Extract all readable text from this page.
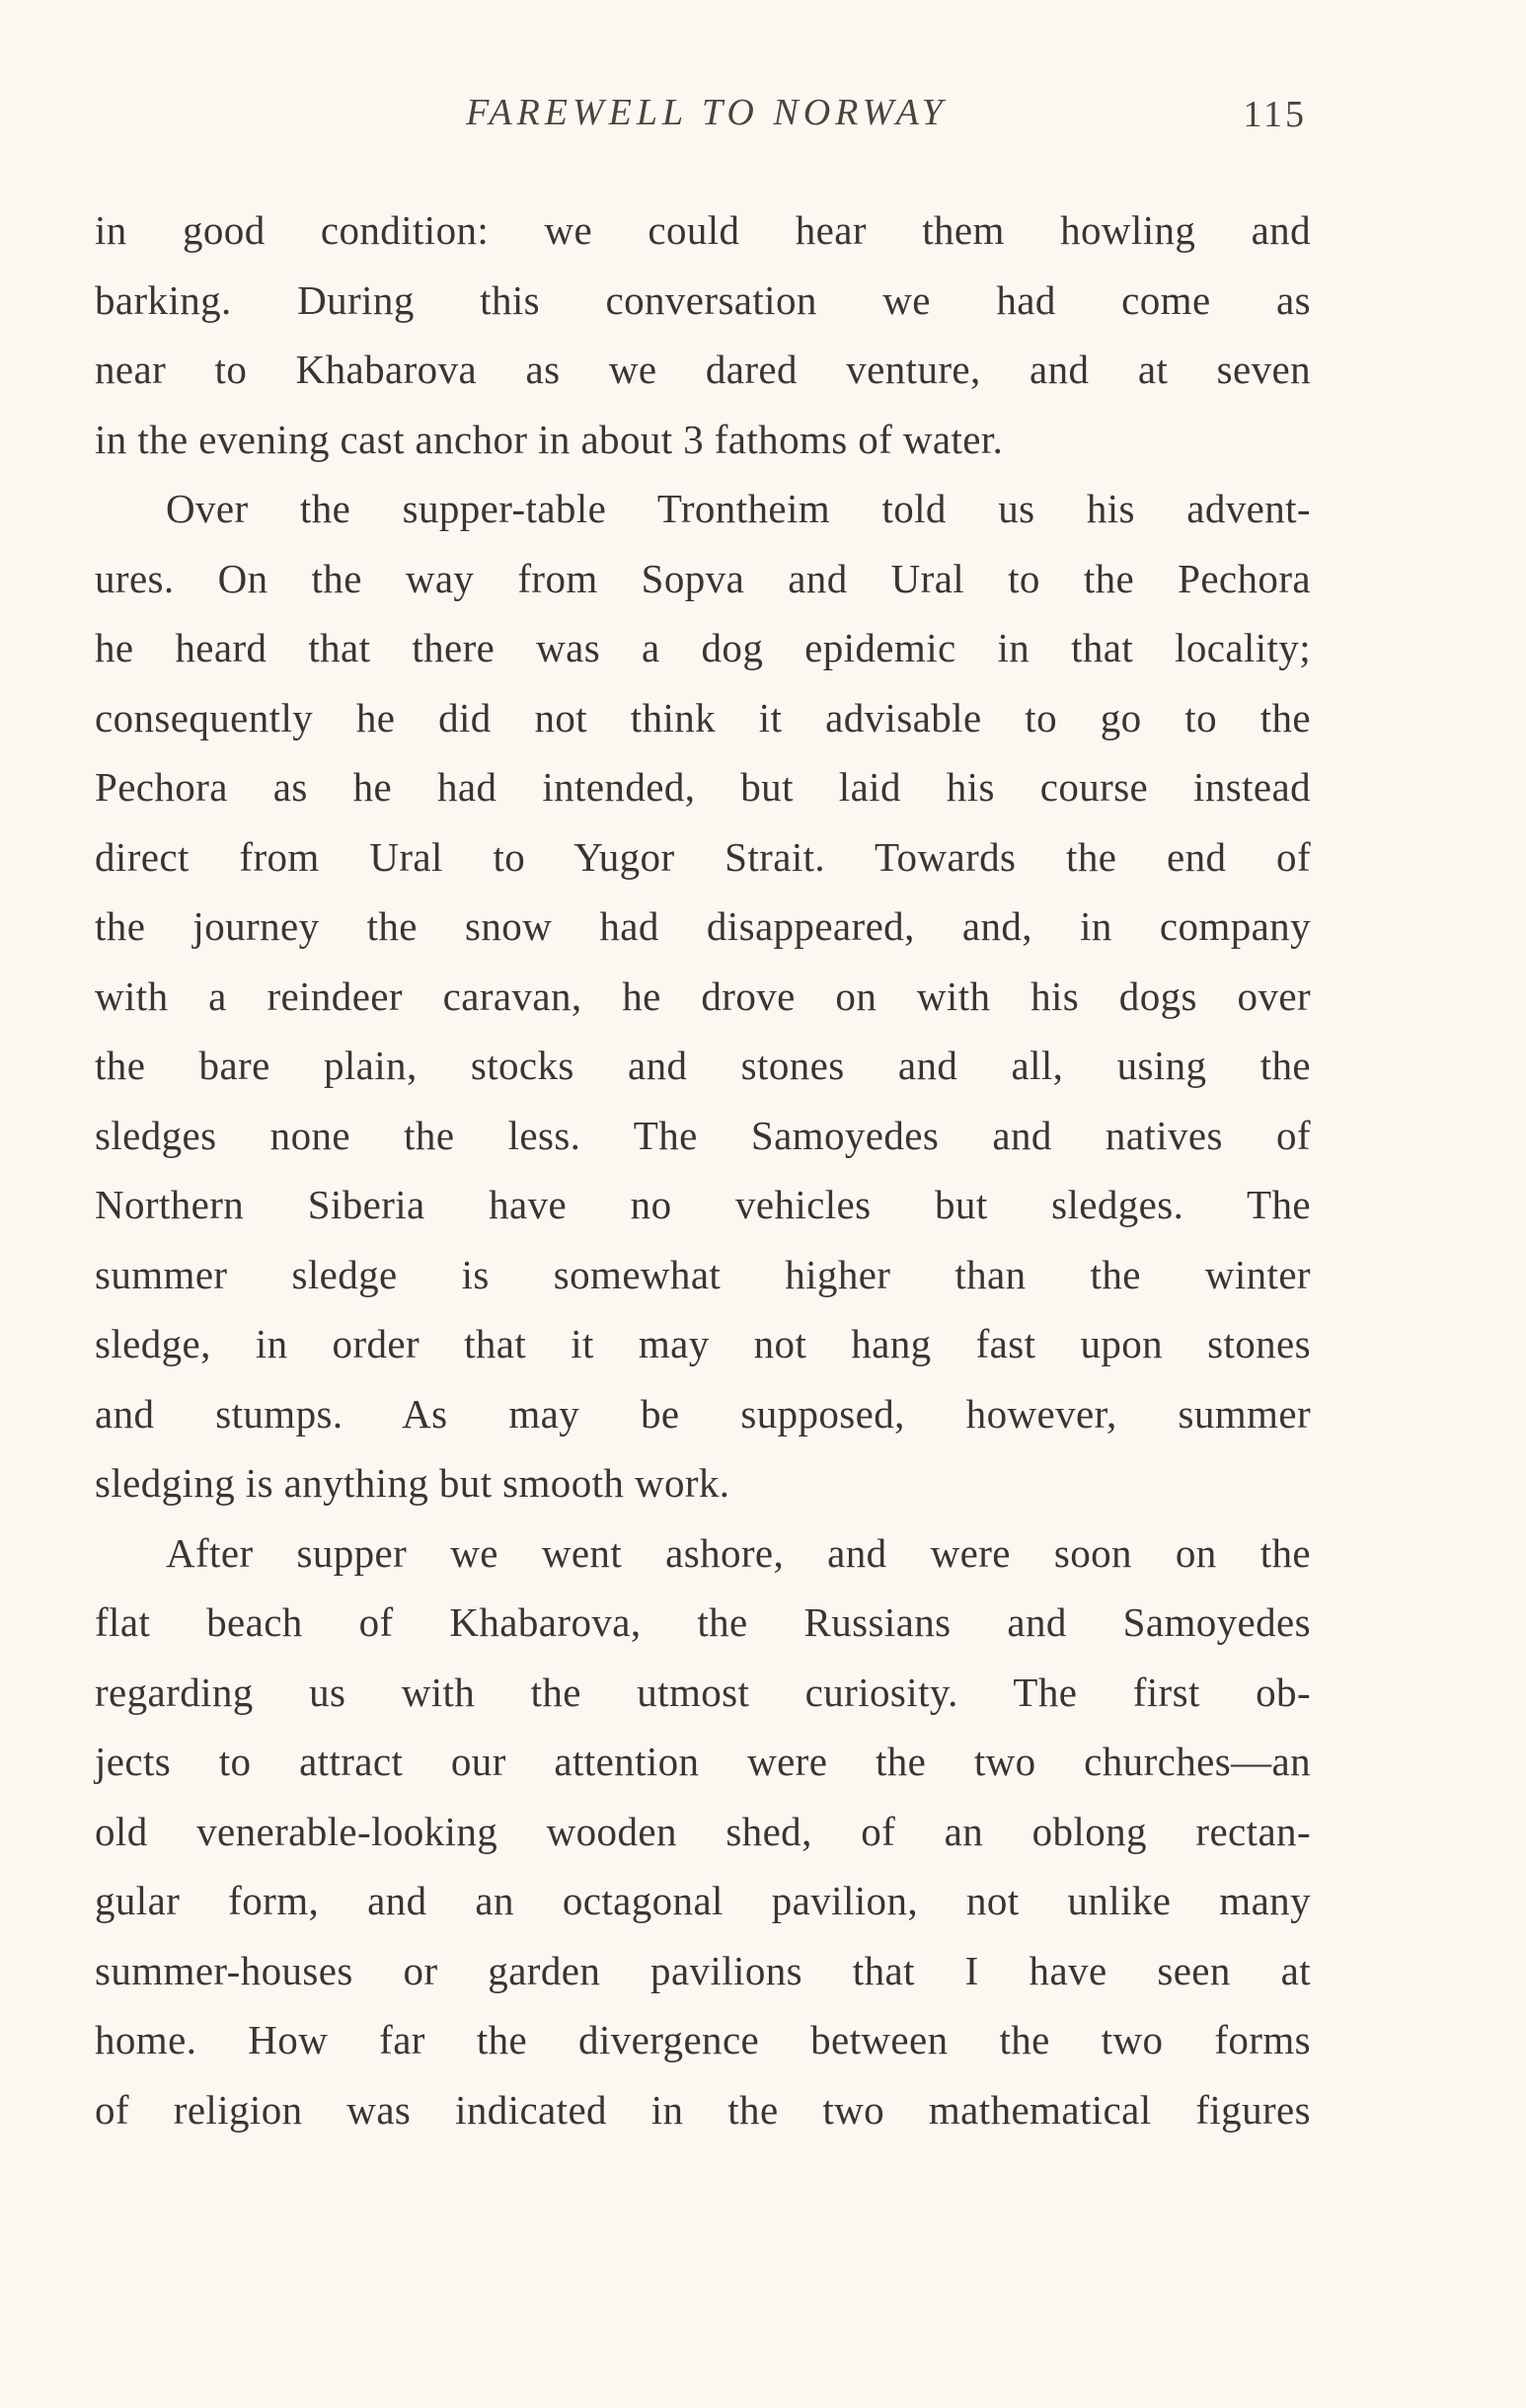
FAREWELL TO NORWAY	115
in good condition: we could hear them howling and
barking. During this conversation we had come as
near to Khabarova as we dared venture, and at seven
in the evening cast anchor in about 3 fathoms of water.
Over the supper-table Trontheim told us his advent-
ures. On the way from Sopva and Ural to the Pechora
he heard that there was a dog epidemic in that locality;
consequently he did not think it advisable to go to the
Pechora as he had intended, but laid his course instead
direct from Ural to Yugor Strait. Towards the end of
the journey the snow had disappeared, and, in company
with a reindeer caravan, he drove on with his dogs over
the bare plain, stocks and stones and all, using the
sledges none the less. The Samoyedes and natives of
Northern Siberia have no vehicles but sledges. The
summer sledge is somewhat higher than the winter
sledge, in order that it may not hang fast upon stones
and stumps. As may be supposed, however, summer
sledging is anything but smooth work.
After supper we went ashore, and were soon on the
flat beach of Khabarova, the Russians and Samoyedes
regarding us with the utmost curiosity. The first ob-
jects to attract our attention were the two churches—an
old venerable-looking wooden shed, of an oblong rectan-
gular form, and an octagonal pavilion, not unlike many
summer-houses or garden pavilions that I have seen at
home. How far the divergence between the two forms
of religion was indicated in the two mathematical figures
